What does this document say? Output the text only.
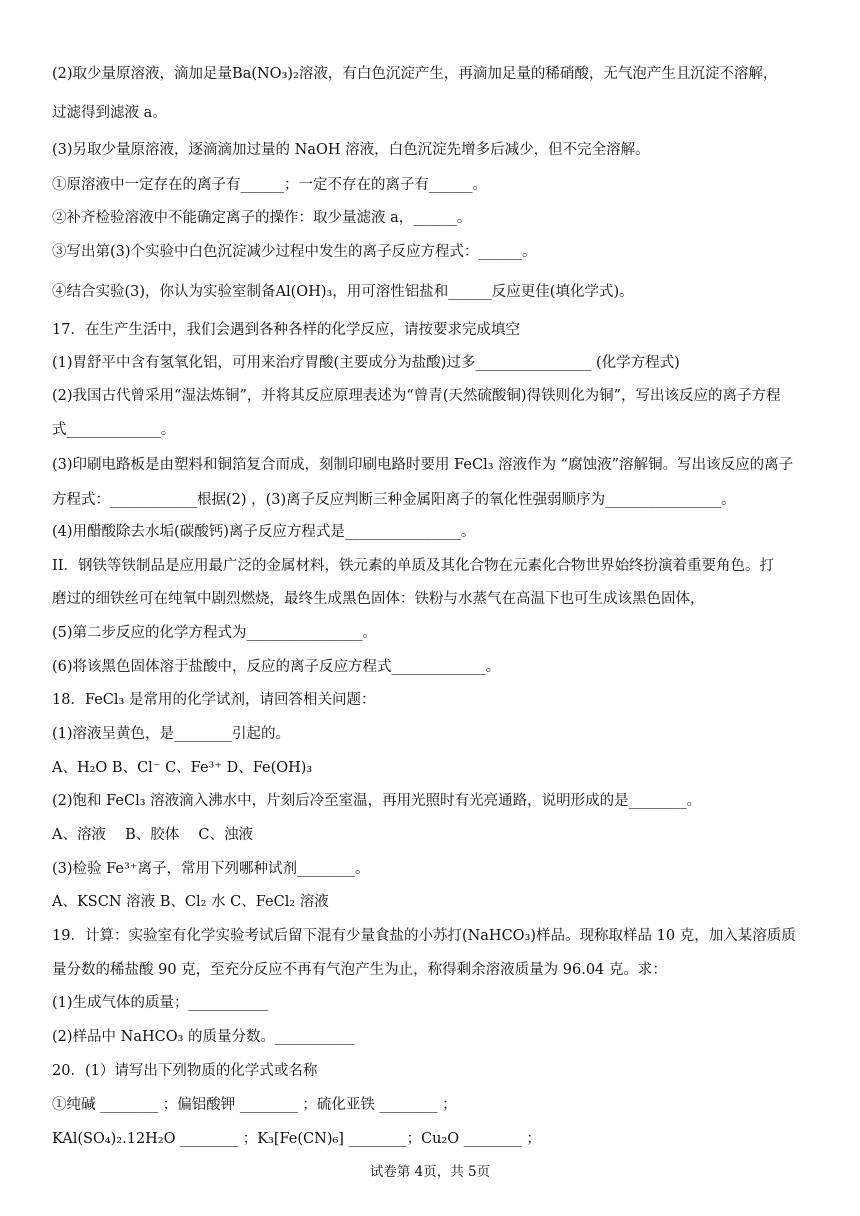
(2)取少量原溶液，滴加足量Ba(NO₃)₂溶液，有白色沉淀产生，再滴加足量的稀硝酸，无气泡产生且沉淀不溶解，
过滤得到滤液 a。
(3)另取少量原溶液，逐滴滴加过量的 NaOH 溶液，白色沉淀先增多后减少，但不完全溶解。
①原溶液中一定存在的离子有______；一定不存在的离子有______。
②补齐检验溶液中不能确定离子的操作：取少量滤液 a，______。
③写出第(3)个实验中白色沉淀减少过程中发生的离子反应方程式：______。
④结合实验(3)，你认为实验室制备Al(OH)₃，用可溶性铝盐和______反应更佳(填化学式)。
17．在生产生活中，我们会遇到各种各样的化学反应，请按要求完成填空
(1)胃舒平中含有氢氧化铝，可用来治疗胃酸(主要成分为盐酸)过多________________ (化学方程式)
(2)我国古代曾采用“湿法炼铜”，并将其反应原理表述为“曾青(天然硫酸铜)得铁则化为铜”，写出该反应的离子方程
式_____________。
(3)印刷电路板是由塑料和铜箔复合而成，刻制印刷电路时要用 FeCl₃ 溶液作为 “腐蚀液”溶解铜。写出该反应的离子
方程式：____________根据(2) ，(3)离子反应判断三种金属阳离子的氧化性强弱顺序为________________。
(4)用醋酸除去水垢(碳酸钙)离子反应方程式是________________。
II．钢铁等铁制品是应用最广泛的金属材料，铁元素的单质及其化合物在元素化合物世界始终扮演着重要角色。打
磨过的细铁丝可在纯氧中剧烈燃烧，最终生成黑色固体：铁粉与水蒸气在高温下也可生成该黑色固体，
(5)第二步反应的化学方程式为________________。
(6)将该黑色固体溶于盐酸中，反应的离子反应方程式_____________。
18．FeCl₃ 是常用的化学试剂，请回答相关问题：
(1)溶液呈黄色，是________引起的。
A、H₂O B、Cl⁻ C、Fe³⁺ D、Fe(OH)₃
(2)饱和 FeCl₃ 溶液滴入沸水中，片刻后冷至室温，再用光照时有光亮通路，说明形成的是________。
A、溶液　 B、胶体　 C、浊液
(3)检验 Fe³⁺离子，常用下列哪种试剂________。
A、KSCN 溶液 B、Cl₂ 水 C、FeCl₂ 溶液
19．计算：实验室有化学实验考试后留下混有少量食盐的小苏打(NaHCO₃)样品。现称取样品 10 克，加入某溶质质
量分数的稀盐酸 90 克，至充分反应不再有气泡产生为止，称得剩余溶液质量为 96.04 克。求：
(1)生成气体的质量；___________
(2)样品中 NaHCO₃ 的质量分数。___________
20．(1）请写出下列物质的化学式或名称
①纯碱 ________ ；偏铝酸钾 ________ ；硫化亚铁 ________ ；
KAl(SO₄)₂.12H₂O ________ ；K₃[Fe(CN)₆] ________；Cu₂O ________ ；
试卷第 4页，共 5页
